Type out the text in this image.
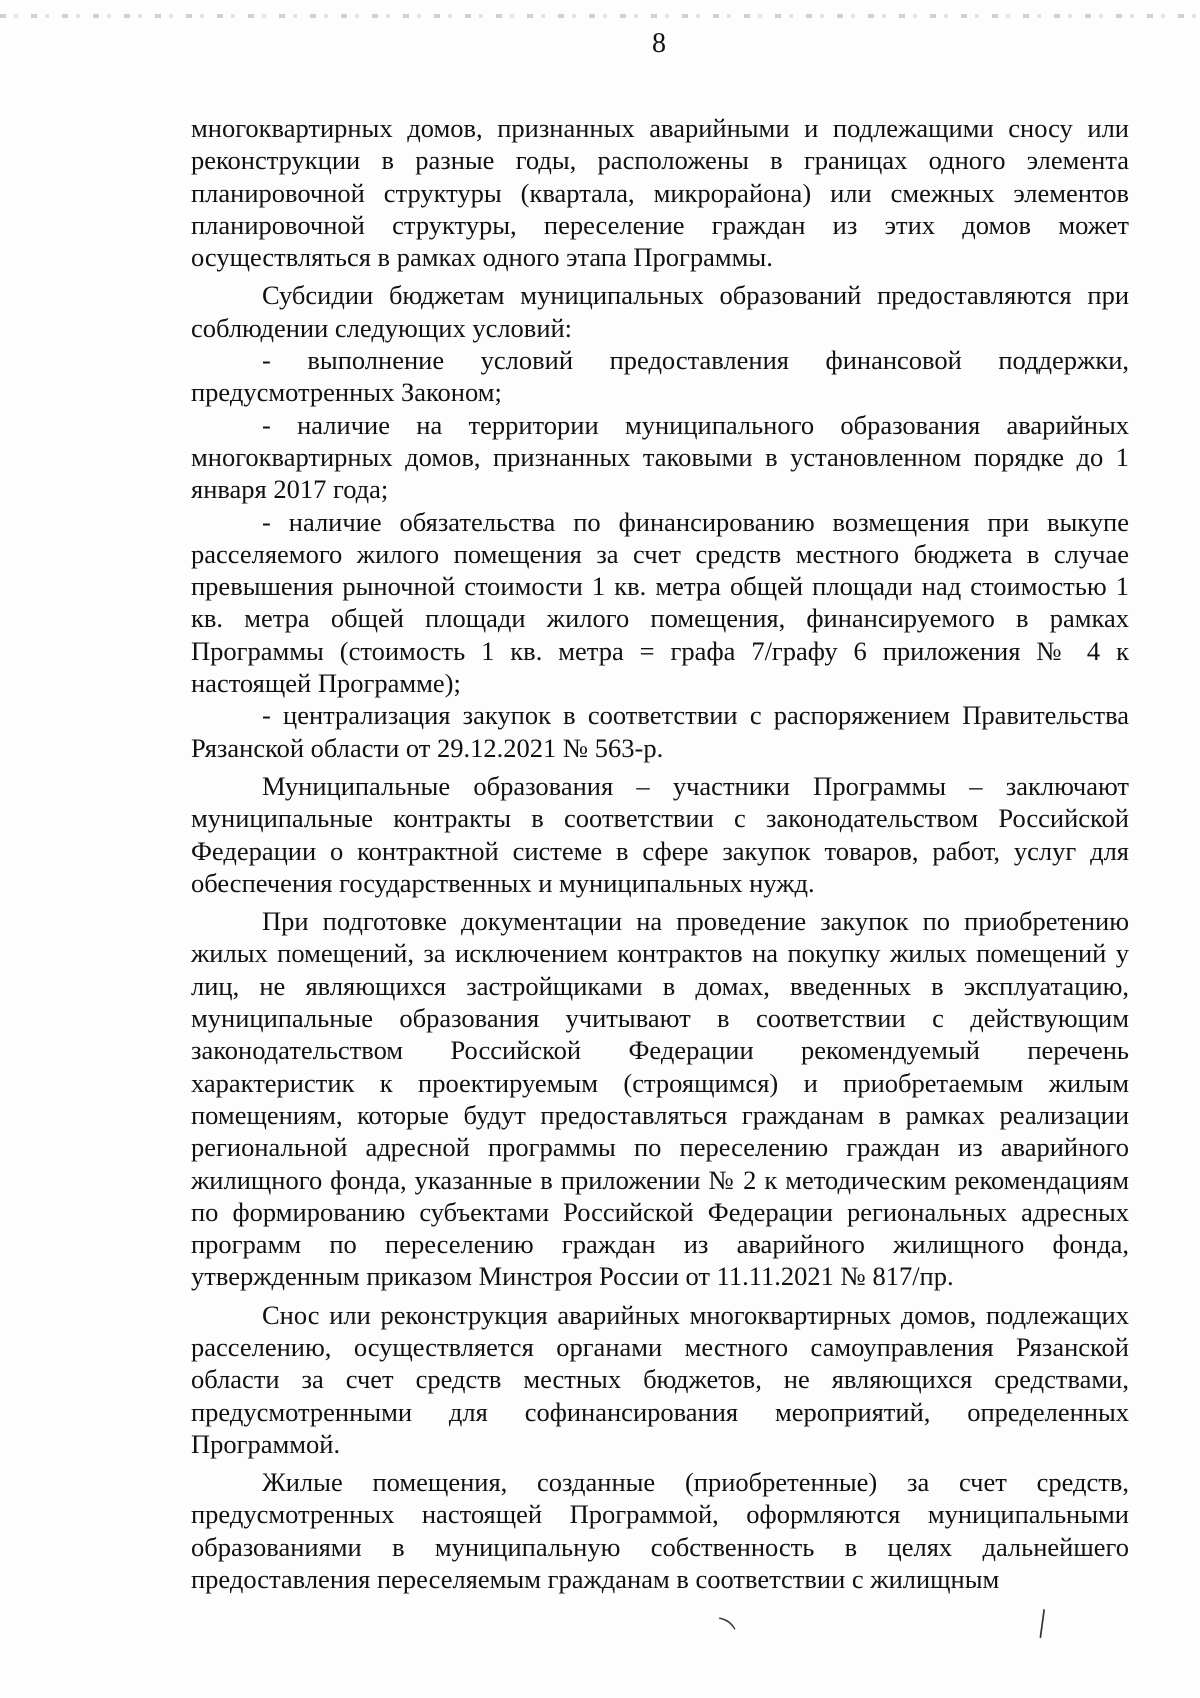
8

многоквартирных домов, признанных аварийными и подлежащими сносу или реконструкции в разные годы, расположены в границах одного элемента планировочной структуры (квартала, микрорайона) или смежных элементов планировочной структуры, переселение граждан из этих домов может осуществляться в рамках одного этапа Программы.

Субсидии бюджетам муниципальных образований предоставляются при соблюдении следующих условий:

- выполнение условий предоставления финансовой поддержки, предусмотренных Законом;

- наличие на территории муниципального образования аварийных многоквартирных домов, признанных таковыми в установленном порядке до 1 января 2017 года;

- наличие обязательства по финансированию возмещения при выкупе расселяемого жилого помещения за счет средств местного бюджета в случае превышения рыночной стоимости 1 кв. метра общей площади над стоимостью 1 кв. метра общей площади жилого помещения, финансируемого в рамках Программы (стоимость 1 кв. метра = графа 7/графу 6 приложения № 4 к настоящей Программе);

- централизация закупок в соответствии с распоряжением Правительства Рязанской области от 29.12.2021 № 563-р.

Муниципальные образования – участники Программы – заключают муниципальные контракты в соответствии с законодательством Российской Федерации о контрактной системе в сфере закупок товаров, работ, услуг для обеспечения государственных и муниципальных нужд.

При подготовке документации на проведение закупок по приобретению жилых помещений, за исключением контрактов на покупку жилых помещений у лиц, не являющихся застройщиками в домах, введенных в эксплуатацию, муниципальные образования учитывают в соответствии с действующим законодательством Российской Федерации рекомендуемый перечень характеристик к проектируемым (строящимся) и приобретаемым жилым помещениям, которые будут предоставляться гражданам в рамках реализации региональной адресной программы по переселению граждан из аварийного жилищного фонда, указанные в приложении № 2 к методическим рекомендациям по формированию субъектами Российской Федерации региональных адресных программ по переселению граждан из аварийного жилищного фонда, утвержденным приказом Минстроя России от 11.11.2021 № 817/пр.

Снос или реконструкция аварийных многоквартирных домов, подлежащих расселению, осуществляется органами местного самоуправления Рязанской области за счет средств местных бюджетов, не являющихся средствами, предусмотренными для софинансирования мероприятий, определенных Программой.

Жилые помещения, созданные (приобретенные) за счет средств, предусмотренных настоящей Программой, оформляются муниципальными образованиями в муниципальную собственность в целях дальнейшего предоставления переселяемым гражданам в соответствии с жилищным

⁀	╲
